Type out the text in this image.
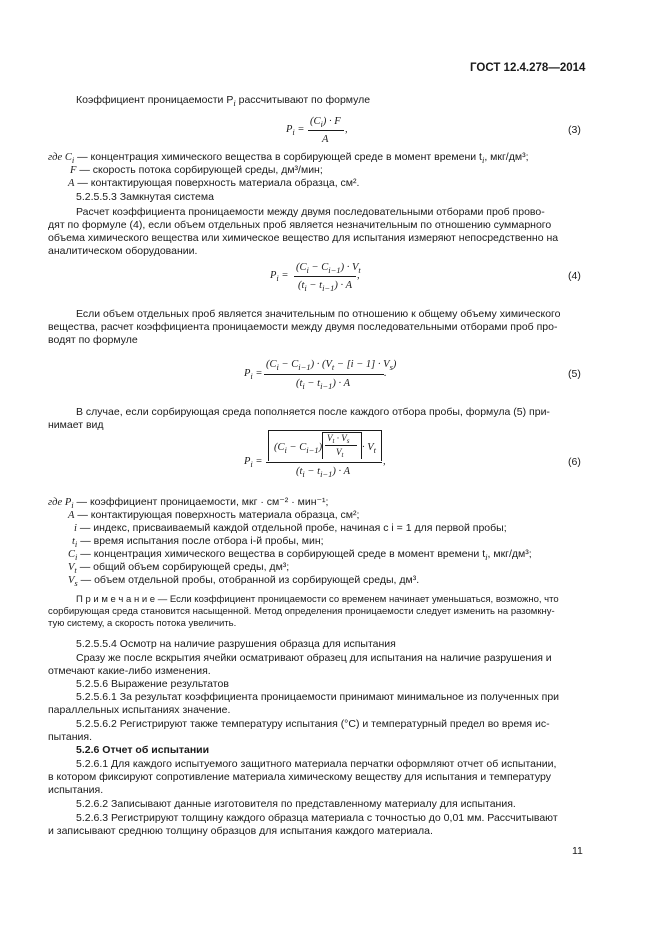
ГОСТ 12.4.278—2014
Коэффициент проницаемости $P_i$ рассчитывают по формуле
$P_i$ =
$(C_i) \cdot F$
A
,	(3)
где $C_i$ — концентрация химического вещества в сорбирующей среде в момент времени $t_i$, мкг/дм³;
F — скорость потока сорбирующей среды, дм³/мин;
A — контактирующая поверхность материала образца, см².
5.2.5.5.3 Замкнутая система
Расчет коэффициента проницаемости между двумя последовательными отборами проб прово-
дят по формуле (4), если объем отдельных проб является незначительным по отношению суммарного
объема химического вещества или химическое вещество для испытания измеряют непосредственно на
аналитическом оборудовании.
$P_i$ =
$(C_i - C_{i-1}) \cdot V_t$
$(t_i - t_{i-1}) \cdot A$
,	(4)
Если объем отдельных проб является значительным по отношению к общему объему химического
вещества, расчет коэффициента проницаемости между двумя последовательными отборами проб про-
водят по формуле
$P_i$ =
$(C_i - C_{i-1}) \cdot (V_t - [i - 1] \cdot V_s)$
$(t_i - t_{i-1}) \cdot A$
.	(5)
В случае, если сорбирующая среда пополняется после каждого отбора пробы, формула (5) при-
нимает вид
$P_i$ =
$(C_i - C_{i-1})$
$V_t \cdot V_s$
$V_t$
· $V_t$
$(t_i - t_{i-1}) \cdot A$
,	(6)
где $P_i$ — коэффициент проницаемости, мкг · см⁻² · мин⁻¹;
A — контактирующая поверхность материала образца, см²;
i — индекс, присваиваемый каждой отдельной пробе, начиная с i = 1 для первой пробы;
$t_i$ — время испытания после отбора i-й пробы, мин;
$C_i$ — концентрация химического вещества в сорбирующей среде в момент времени $t_i$, мкг/дм³;
$V_t$ — общий объем сорбирующей среды, дм³;
$V_s$ — объем отдельной пробы, отобранной из сорбирующей среды, дм³.
П р и м е ч а н и е — Если коэффициент проницаемости со временем начинает уменьшаться, возможно, что
сорбирующая среда становится насыщенной. Метод определения проницаемости следует изменить на разомкну-
тую систему, а скорость потока увеличить.
5.2.5.5.4 Осмотр на наличие разрушения образца для испытания
Сразу же после вскрытия ячейки осматривают образец для испытания на наличие разрушения и
отмечают какие-либо изменения.
5.2.5.6 Выражение результатов
5.2.5.6.1 За результат коэффициента проницаемости принимают минимальное из полученных при
параллельных испытаниях значение.
5.2.5.6.2 Регистрируют также температуру испытания (°С) и температурный предел во время ис-
пытания.
5.2.6 Отчет об испытании
5.2.6.1 Для каждого испытуемого защитного материала перчатки оформляют отчет об испытании,
в котором фиксируют сопротивление материала химическому веществу для испытания и температуру
испытания.
5.2.6.2 Записывают данные изготовителя по представленному материалу для испытания.
5.2.6.3 Регистрируют толщину каждого образца материала с точностью до 0,01 мм. Рассчитывают
и записывают среднюю толщину образцов для испытания каждого материала.
11
